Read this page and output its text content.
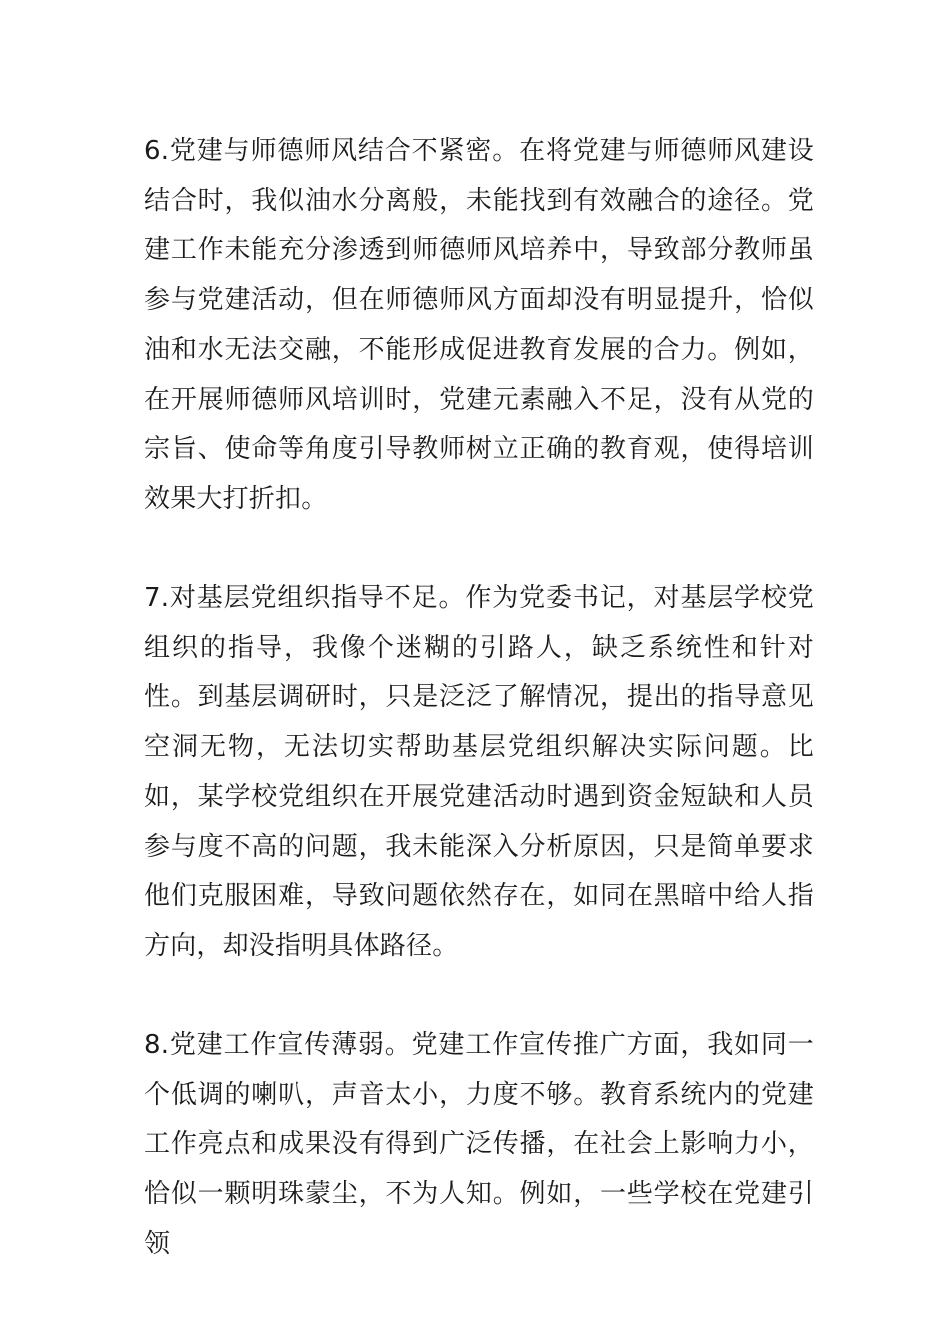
6.党建与师德师风结合不紧密。在将党建与师德师风建设结合时，我似油水分离般，未能找到有效融合的途径。党建工作未能充分渗透到师德师风培养中，导致部分教师虽参与党建活动，但在师德师风方面却没有明显提升，恰似油和水无法交融，不能形成促进教育发展的合力。例如，在开展师德师风培训时，党建元素融入不足，没有从党的宗旨、使命等角度引导教师树立正确的教育观，使得培训效果大打折扣。

7.对基层党组织指导不足。作为党委书记，对基层学校党组织的指导，我像个迷糊的引路人，缺乏系统性和针对性。到基层调研时，只是泛泛了解情况，提出的指导意见空洞无物，无法切实帮助基层党组织解决实际问题。比如，某学校党组织在开展党建活动时遇到资金短缺和人员参与度不高的问题，我未能深入分析原因，只是简单要求他们克服困难，导致问题依然存在，如同在黑暗中给人指方向，却没指明具体路径。

8.党建工作宣传薄弱。党建工作宣传推广方面，我如同一个低调的喇叭，声音太小，力度不够。教育系统内的党建工作亮点和成果没有得到广泛传播，在社会上影响力小，恰似一颗明珠蒙尘，不为人知。例如，一些学校在党建引领
